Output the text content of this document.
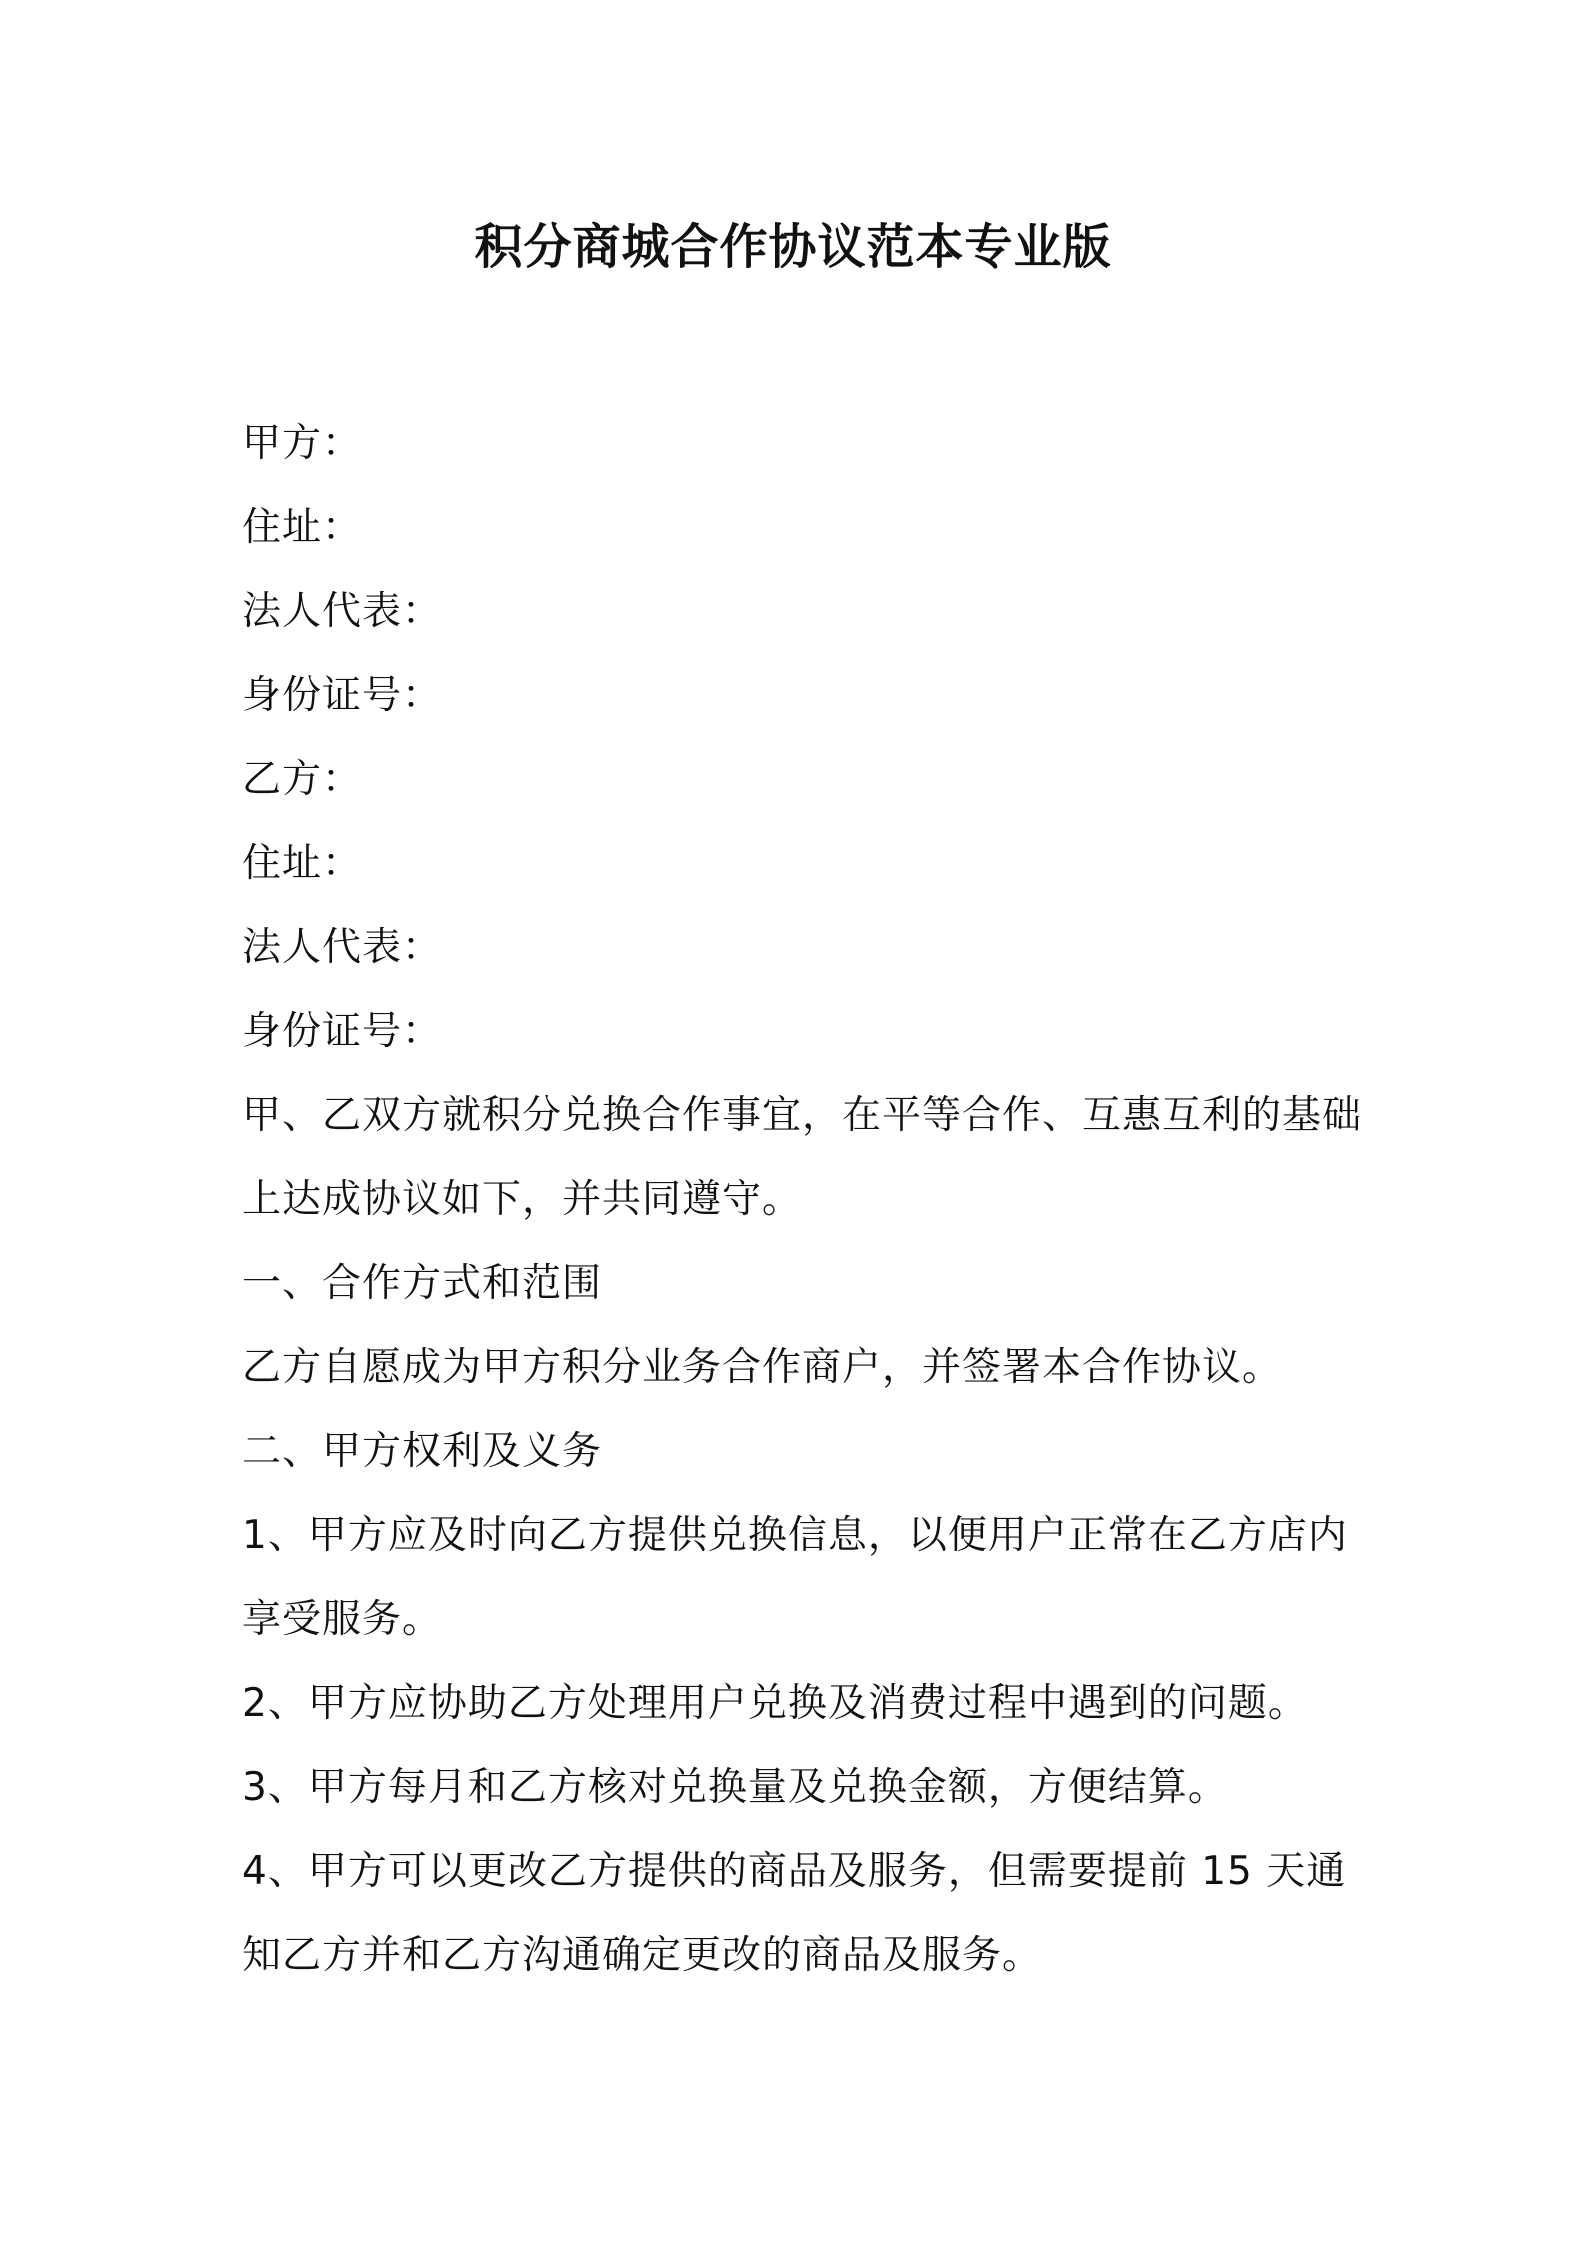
积分商城合作协议范本专业版

甲方：

住址：

法人代表：

身份证号：

乙方：

住址：

法人代表：

身份证号：

甲、乙双方就积分兑换合作事宜，在平等合作、互惠互利的基础

上达成协议如下，并共同遵守。

一、合作方式和范围

乙方自愿成为甲方积分业务合作商户，并签署本合作协议。

二、甲方权利及义务

1、甲方应及时向乙方提供兑换信息，以便用户正常在乙方店内

享受服务。

2、甲方应协助乙方处理用户兑换及消费过程中遇到的问题。

3、甲方每月和乙方核对兑换量及兑换金额，方便结算。

4、甲方可以更改乙方提供的商品及服务，但需要提前 15 天通

知乙方并和乙方沟通确定更改的商品及服务。
